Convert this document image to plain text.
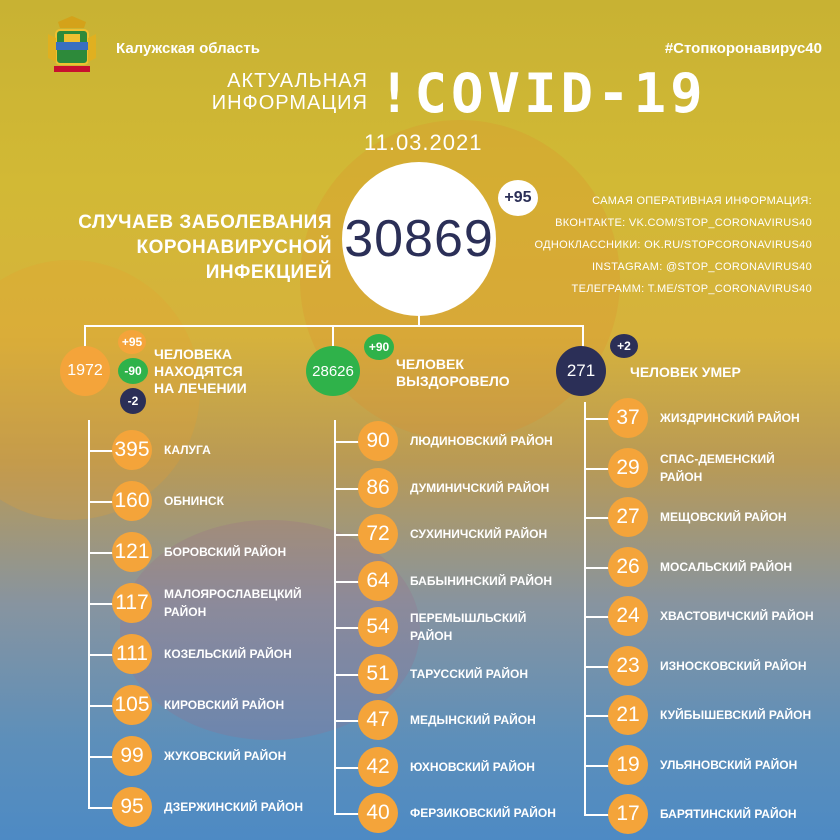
Калужская область	#Стопкоронавирус40
АКТУАЛЬНАЯ
ИНФОРМАЦИЯ !COVID-19
11.03.2021
СЛУЧАЕВ ЗАБОЛЕВАНИЯ
КОРОНАВИРУСНОЙ ИНФЕКЦИЕЙ
30869
+95	САМАЯ ОПЕРАТИВНАЯ ИНФОРМАЦИЯ:
ВКОНТАКТЕ: VK.COM/STOP_CORONAVIRUS40
ОДНОКЛАССНИКИ: OK.RU/STOPCORONAVIRUS40
INSTAGRAM: @STOP_CORONAVIRUS40
ТЕЛЕГРАММ: T.ME/STOP_CORONAVIRUS40
1972
+95
-90
-2
ЧЕЛОВЕКА
НАХОДЯТСЯ
НА ЛЕЧЕНИИ
28626
+90
ЧЕЛОВЕК
ВЫЗДОРОВЕЛО
271
+2
ЧЕЛОВЕК УМЕР
395 КАЛУГА
160 ОБНИНСК
121 БОРОВСКИЙ РАЙОН
117 МАЛОЯРОСЛАВЕЦКИЙ
РАЙОН
111 КОЗЕЛЬСКИЙ РАЙОН
105 КИРОВСКИЙ РАЙОН
99 ЖУКОВСКИЙ РАЙОН
95 ДЗЕРЖИНСКИЙ РАЙОН
90 ЛЮДИНОВСКИЙ РАЙОН
86 ДУМИНИЧСКИЙ РАЙОН
72 СУХИНИЧСКИЙ РАЙОН
64 БАБЫНИНСКИЙ РАЙОН
54 ПЕРЕМЫШЛЬСКИЙ
РАЙОН
51 ТАРУССКИЙ РАЙОН
47 МЕДЫНСКИЙ РАЙОН
42 ЮХНОВСКИЙ РАЙОН
40 ФЕРЗИКОВСКИЙ РАЙОН
37 ЖИЗДРИНСКИЙ РАЙОН
29 СПАС-ДЕМЕНСКИЙ
РАЙОН
27 МЕЩОВСКИЙ РАЙОН
26 МОСАЛЬСКИЙ РАЙОН
24 ХВАСТОВИЧСКИЙ РАЙОН
23 ИЗНОСКОВСКИЙ РАЙОН
21 КУЙБЫШЕВСКИЙ РАЙОН
19 УЛЬЯНОВСКИЙ РАЙОН
17 БАРЯТИНСКИЙ РАЙОН
